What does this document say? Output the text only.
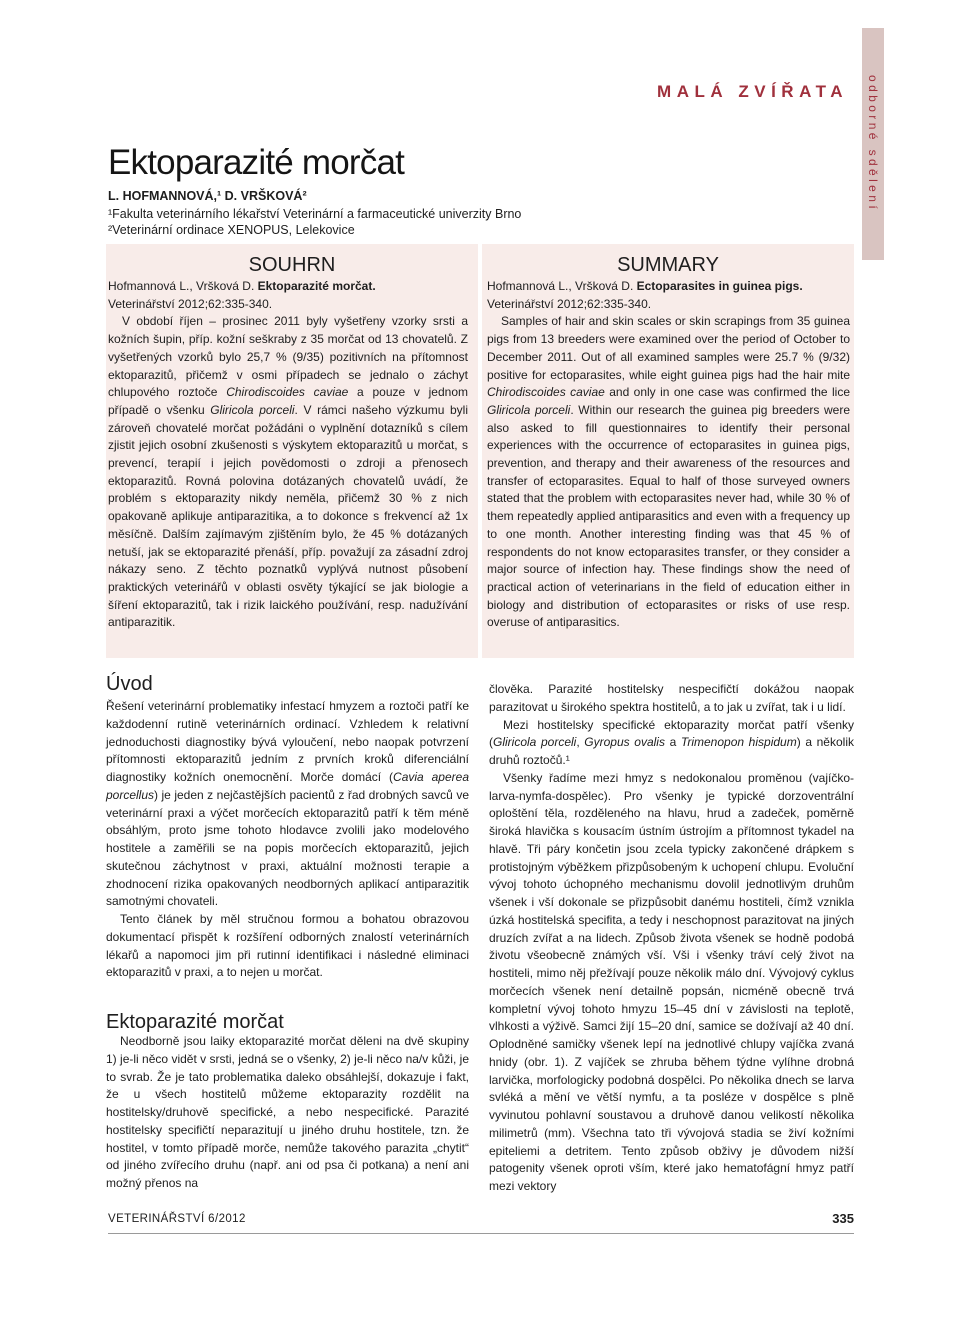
odborné sdělení
MALÁ ZVÍŘATA
Ektoparazité morčat
L. HOFMANNOVÁ,¹ D. VRŠKOVÁ²
¹Fakulta veterinárního lékařství Veterinární a farmaceutické univerzity Brno
²Veterinární ordinace XENOPUS, Lelekovice
SOUHRN

Hofmannová L., Vršková D. Ektoparazité morčat.
Veterinářství 2012;62:335-340.

V období říjen – prosinec 2011 byly vyšetřeny vzorky srsti a kožních šupin, příp. kožní seškraby z 35 morčat od 13 chovatelů. Z vyšetřených vzorků bylo 25,7 % (9/35) pozitivních na přítomnost ektoparazitů, přičemž v osmi případech se jednalo o záchyt chlupového roztoče Chirodiscoides caviae a pouze v jednom případě o všenku Gliricola porceli. V rámci našeho výzkumu byli zároveň chovatelé morčat požádáni o vyplnění dotazníků s cílem zjistit jejich osobní zkušenosti s výskytem ektoparazitů u morčat, s prevencí, terapií i jejich povědomosti o zdroji a přenosech ektoparazitů. Rovná polovina dotázaných chovatelů uvádí, že problém s ektoparazity nikdy neměla, přičemž 30 % z nich opakovaně aplikuje antiparazitika, a to dokonce s frekvencí až 1x měsíčně. Dalším zajímavým zjištěním bylo, že 45 % dotázaných netuší, jak se ektoparazité přenáší, příp. považují za zásadní zdroj nákazy seno. Z těchto poznatků vyplývá nutnost působení praktických veterinářů v oblasti osvěty týkající se jak biologie a šíření ektoparazitů, tak i rizik laického používání, resp. nadužívání antiparazitik.

SUMMARY

Hofmannová L., Vršková D. Ectoparasites in guinea pigs.
Veterinářství 2012;62:335-340.

Samples of hair and skin scales or skin scrapings from 35 guinea pigs from 13 breeders were examined over the period of October to December 2011. Out of all examined samples were 25.7 % (9/32) positive for ectoparasites, while eight guinea pigs had the hair mite Chirodiscoides caviae and only in one case was confirmed the lice Gliricola porceli. Within our research the guinea pig breeders were also asked to fill questionnaires to identify their personal experiences with the occurrence of ectoparasites in guinea pigs, prevention, and therapy and their awareness of the resources and transfer of ectoparasites. Equal to half of those surveyed owners stated that the problem with ectoparasites never had, while 30 % of them repeatedly applied antiparasitics and even with a frequency up to one month. Another interesting finding was that 45 % of respondents do not know ectoparasites transfer, or they consider a major source of infection hay. These findings show the need of practical action of veterinarians in the field of education either in biology and distribution of ectoparasites or risks of use resp. overuse of antiparasitics.

Úvod

Řešení veterinární problematiky infestací hmyzem a roztoči patří ke každodenní rutině veterinárních ordinací. Vzhledem k relativní jednoduchosti diagnostiky bývá vyloučení, nebo naopak potvrzení přítomnosti ektoparazitů jedním z prvních kroků diferenciální diagnostiky kožních onemocnění. Morče domácí (Cavia aperea porcellus) je jeden z nejčastějších pacientů z řad drobných savců ve veterinární praxi a výčet morčecích ektoparazitů patří k těm méně obsáhlým, proto jsme tohoto hlodavce zvolili jako modelového hostitele a zaměřili se na popis morčecích ektoparazitů, jejich skutečnou záchytnost v praxi, aktuální možnosti terapie a zhodnocení rizika opakovaných neodborných aplikací antiparazitik samotnými chovateli.

Tento článek by měl stručnou formou a bohatou obrazovou dokumentací přispět k rozšíření odborných znalostí veterinárních lékařů a napomoci jim při rutinní identifikaci i následné eliminaci ektoparazitů v praxi, a to nejen u morčat.

Ektoparazité morčat

Neodborně jsou laiky ektoparazité morčat děleni na dvě skupiny 1) je-li něco vidět v srsti, jedná se o všenky, 2) je-li něco na/v kůži, je to svrab. Že je tato problematika daleko obsáhlejší, dokazuje i fakt, že u všech hostitelů můžeme ektoparazity rozdělit na hostitelsky/druhově specifické, a nebo nespecifické. Parazité hostitelsky specifičtí neparazitují u jiného druhu hostitele, tzn. že hostitel, v tomto případě morče, nemůže takového parazita „chytit“ od jiného zvířecího druhu (např. ani od psa či potkana) a není ani možný přenos na

člověka. Parazité hostitelsky nespecifičtí dokážou naopak parazitovat u širokého spektra hostitelů, a to jak u zvířat, tak i u lidí.

Mezi hostitelsky specifické ektoparazity morčat patří všenky (Gliricola porceli, Gyropus ovalis a Trimenopon hispidum) a několik druhů roztočů.¹

Všenky řadíme mezi hmyz s nedokonalou proměnou (vajíčko-larva-nymfa-dospělec). Pro všenky je typické dorzoventrální oploštění těla, rozděleného na hlavu, hrud a zadeček, poměrně široká hlavička s kousacím ústním ústrojím a přítomnost tykadel na hlavě. Tři páry končetin jsou zcela typicky zakončené drápkem s protistojným výběžkem přizpůsobeným k uchopení chlupu. Evoluční vývoj tohoto úchopného mechanismu dovolil jednotlivým druhům všenek i vší dokonale se přizpůsobit danému hostiteli, čímž vznikla úzká hostitelská specifita, a tedy i neschopnost parazitovat na jiných druzích zvířat a na lidech. Způsob života všenek se hodně podobá životu všeobecně známých vší. Vši i všenky tráví celý život na hostiteli, mimo něj přežívají pouze několik málo dní. Vývojový cyklus morčecích všenek není detailně popsán, nicméně obecně trvá kompletní vývoj tohoto hmyzu 15–45 dní v závislosti na teplotě, vlhkosti a výživě. Samci žijí 15–20 dní, samice se dožívají až 40 dní. Oplodněné samičky všenek lepí na jednotlivé chlupy vajíčka zvaná hnidy (obr. 1). Z vajíček se zhruba během týdne vylíhne drobná larvička, morfologicky podobná dospělci. Po několika dnech se larva svléká a mění ve větší nymfu, a ta posléze v dospělce s plně vyvinutou pohlavní soustavou a druhově danou velikostí několika milimetrů (mm). Všechna tato tři vývojová stadia se živí kožními epiteliemi a detritem. Tento způsob obživy je důvodem nižší patogenity všenek oproti vším, které jako hematofágní hmyz patří mezi vektory

VETERINÁŘSTVÍ 6/2012	335
